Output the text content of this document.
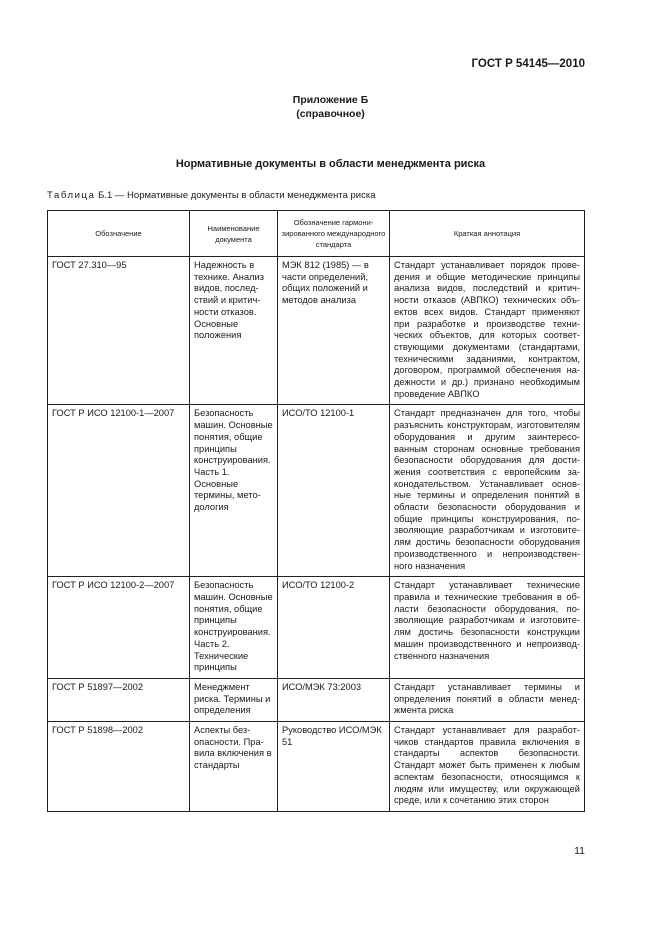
ГОСТ Р 54145—2010
Приложение Б
(справочное)
Нормативные документы в области менеджмента риска
Таблица Б.1 — Нормативные документы в области менеджмента риска
Обозначение	Наименование документа	Обозначение гармонизированного международного стандарта	Краткая аннотация
ГОСТ 27.310—95	Надежность в технике. Анализ видов, последствий и критичности отказов. Основные положения	МЭК 812 (1985) — в части определений, общих положений и методов анализа	Стандарт устанавливает порядок проведения и общие методические принципы анализа видов, последствий и критичности отказов (АВПКО) технических объектов всех видов. Стандарт применяют при разработке и производстве технических объектов, для которых соответствующими документами (стандартами, техническими заданиями, контрактом, договором, программой обеспечения надежности и др.) признано необходимым проведение АВПКО
ГОСТ Р ИСО 12100-1—2007	Безопасность машин. Основные понятия, общие принципы конструирования. Часть 1. Основные термины, методология	ИСО/ТО 12100-1	Стандарт предназначен для того, чтобы разъяснить конструкторам, изготовителям оборудования и другим заинтересованным сторонам основные требования безопасности оборудования для достижения соответствия с европейским законодательством. Устанавливает основные термины и определения понятий в области безопасности оборудования и общие принципы конструирования, позволяющие разработчикам и изготовителям достичь безопасности оборудования производственного и непроизводственного назначения
ГОСТ Р ИСО 12100-2—2007	Безопасность машин. Основные понятия, общие принципы конструирования. Часть 2. Технические принципы	ИСО/ТО 12100-2	Стандарт устанавливает технические правила и технические требования в области безопасности оборудования, позволяющие разработчикам и изготовителям достичь безопасности конструкции машин производственного и непроизводственного назначения
ГОСТ Р 51897—2002	Менеджмент риска. Термины и определения	ИСО/МЭК 73:2003	Стандарт устанавливает термины и определения понятий в области менеджмента риска
ГОСТ Р 51898—2002	Аспекты безопасности. Правила включения в стандарты	Руководство ИСО/МЭК 51	Стандарт устанавливает для разработчиков стандартов правила включения в стандарты аспектов безопасности. Стандарт может быть применен к любым аспектам безопасности, относящимся к людям или имуществу, или окружающей среде, или к сочетанию этих сторон
11
